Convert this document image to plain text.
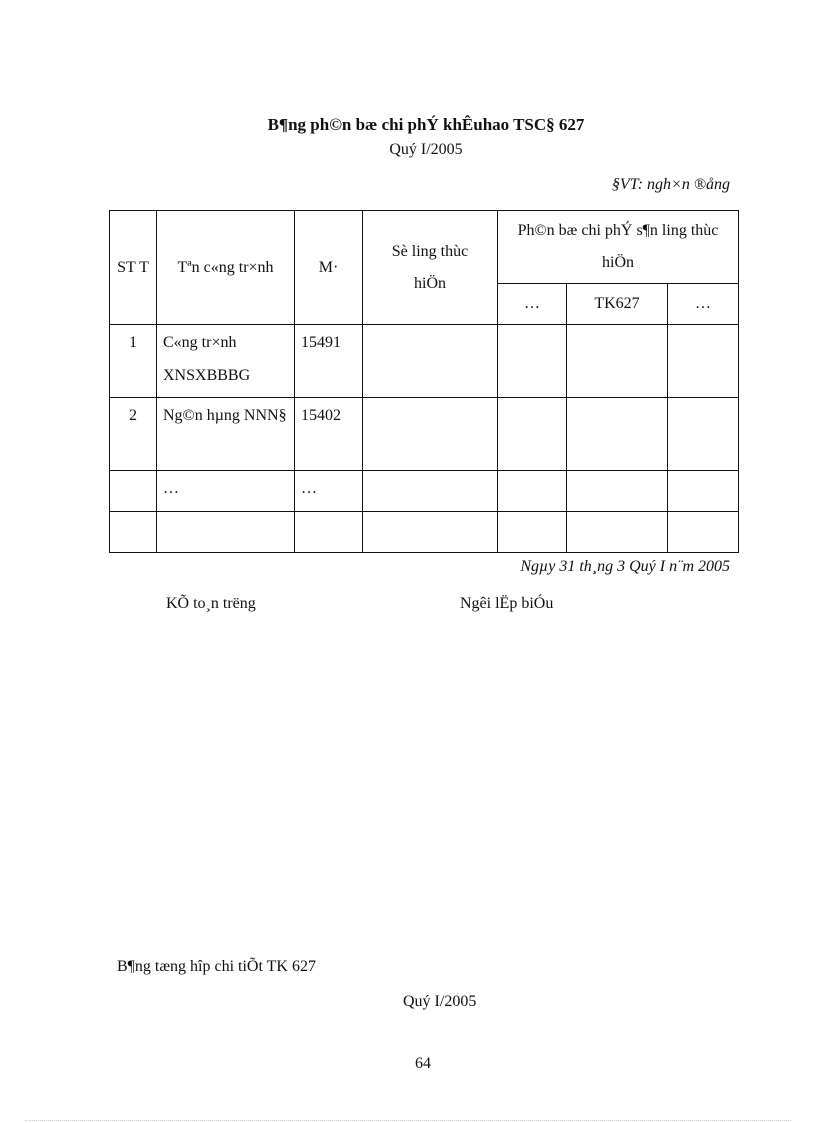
B¶ng ph©n bæ chi phÝ khÊuhao TSC§ 627
Quý I/2005
§VT: ngh×n ®ång
ST T	Tªn c«ng tr×nh	M·	Sè ling thùc hiÖn	Ph©n bæ chi phÝ s¶n ling thùc hiÖn		
				…	TK627	…
1	C«ng tr×nh XNSXBBBG	15491				
2	Ng©n hµng NNN§	15402				
	…	…				

Ngµy 31 th¸ng 3 Quý I n¨m 2005
KÕ to¸n trëng	Ngêi lËp biÓu
B¶ng tæng hîp chi tiÕt TK 627
Quý I/2005
64
